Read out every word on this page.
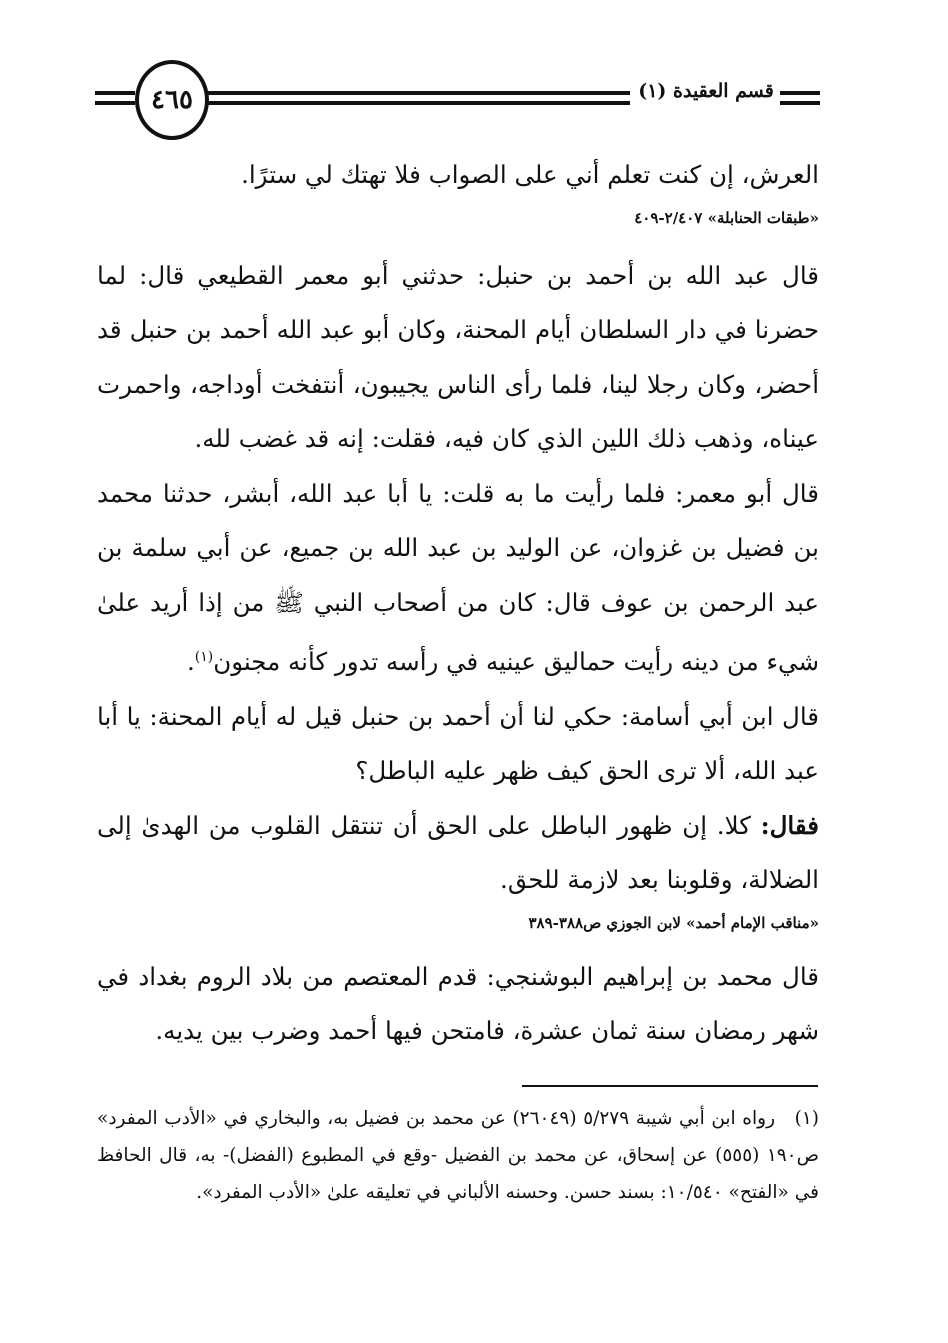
٤٦٥	قسم العقيدة (١)

العرش، إن كنت تعلم أني على الصواب فلا تهتك لي سترًا.

«طبقات الحنابلة» ٢/٤٠٧-٤٠٩

قال عبد الله بن أحمد بن حنبل: حدثني أبو معمر القطيعي قال: لما حضرنا في دار السلطان أيام المحنة، وكان أبو عبد الله أحمد بن حنبل قد أحضر، وكان رجلا لينا، فلما رأى الناس يجيبون، أنتفخت أوداجه، واحمرت عيناه، وذهب ذلك اللين الذي كان فيه، فقلت: إنه قد غضب لله.

قال أبو معمر: فلما رأيت ما به قلت: يا أبا عبد الله، أبشر، حدثنا محمد بن فضيل بن غزوان، عن الوليد بن عبد الله بن جميع، عن أبي سلمة بن عبد الرحمن بن عوف قال: كان من أصحاب النبي ﷺ من إذا أريد علىٰ شيء من دينه رأيت حماليق عينيه في رأسه تدور كأنه مجنون$^{(١)}$.

قال ابن أبي أسامة: حكي لنا أن أحمد بن حنبل قيل له أيام المحنة: يا أبا عبد الله، ألا ترى الحق كيف ظهر عليه الباطل؟

فقال: كلا. إن ظهور الباطل على الحق أن تنتقل القلوب من الهدىٰ إلى الضلالة، وقلوبنا بعد لازمة للحق.

«مناقب الإمام أحمد» لابن الجوزي ص٣٨٨-٣٨٩

قال محمد بن إبراهيم البوشنجي: قدم المعتصم من بلاد الروم بغداد في شهر رمضان سنة ثمان عشرة، فامتحن فيها أحمد وضرب بين يديه.

(١)رواه ابن أبي شيبة ٥/٢٧٩ (٢٦٠٤٩) عن محمد بن فضيل به، والبخاري في «الأدب المفرد» ص١٩٠ (٥٥٥) عن إسحاق، عن محمد بن الفضيل -وقع في المطبوع (الفضل)- به، قال الحافظ في «الفتح» ١٠/٥٤٠: بسند حسن. وحسنه الألباني في تعليقه علىٰ «الأدب المفرد».
